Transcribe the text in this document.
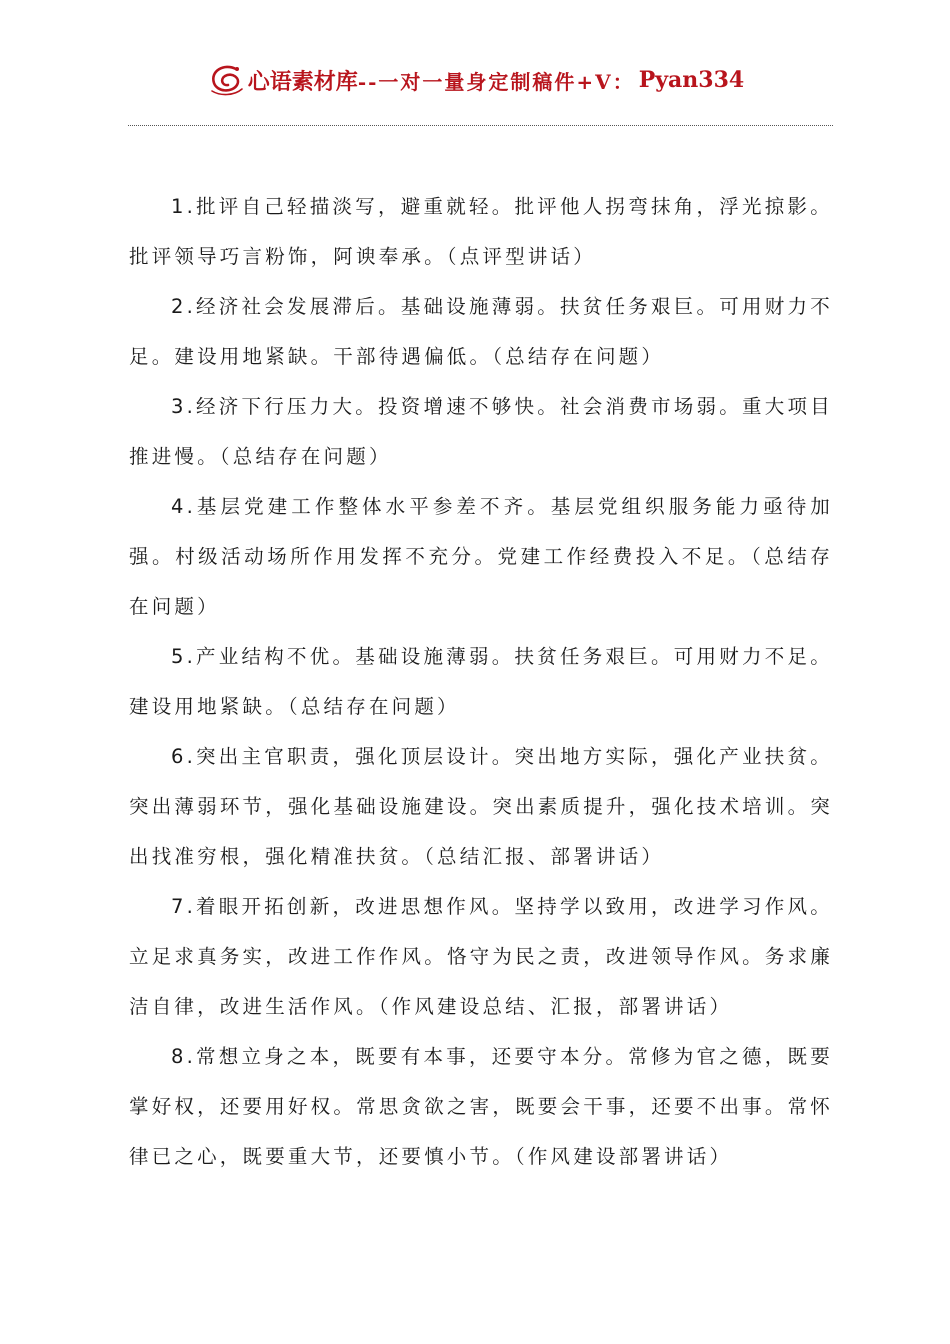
心语素材库 --一对一量身定制稿件+V： Pyan334

1.批评自己轻描淡写，避重就轻。批评他人拐弯抹角，浮光掠影。批评领导巧言粉饰，阿谀奉承。（点评型讲话）

2.经济社会发展滞后。基础设施薄弱。扶贫任务艰巨。可用财力不足。建设用地紧缺。干部待遇偏低。（总结存在问题）

3.经济下行压力大。投资增速不够快。社会消费市场弱。重大项目推进慢。（总结存在问题）

4.基层党建工作整体水平参差不齐。基层党组织服务能力亟待加强。村级活动场所作用发挥不充分。党建工作经费投入不足。（总结存在问题）

5.产业结构不优。基础设施薄弱。扶贫任务艰巨。可用财力不足。建设用地紧缺。（总结存在问题）

6.突出主官职责，强化顶层设计。突出地方实际，强化产业扶贫。突出薄弱环节，强化基础设施建设。突出素质提升，强化技术培训。突出找准穷根，强化精准扶贫。（总结汇报、部署讲话）

7.着眼开拓创新，改进思想作风。坚持学以致用，改进学习作风。立足求真务实，改进工作作风。恪守为民之责，改进领导作风。务求廉洁自律，改进生活作风。（作风建设总结、汇报，部署讲话）

8.常想立身之本，既要有本事，还要守本分。常修为官之德，既要掌好权，还要用好权。常思贪欲之害，既要会干事，还要不出事。常怀律已之心，既要重大节，还要慎小节。（作风建设部署讲话）
